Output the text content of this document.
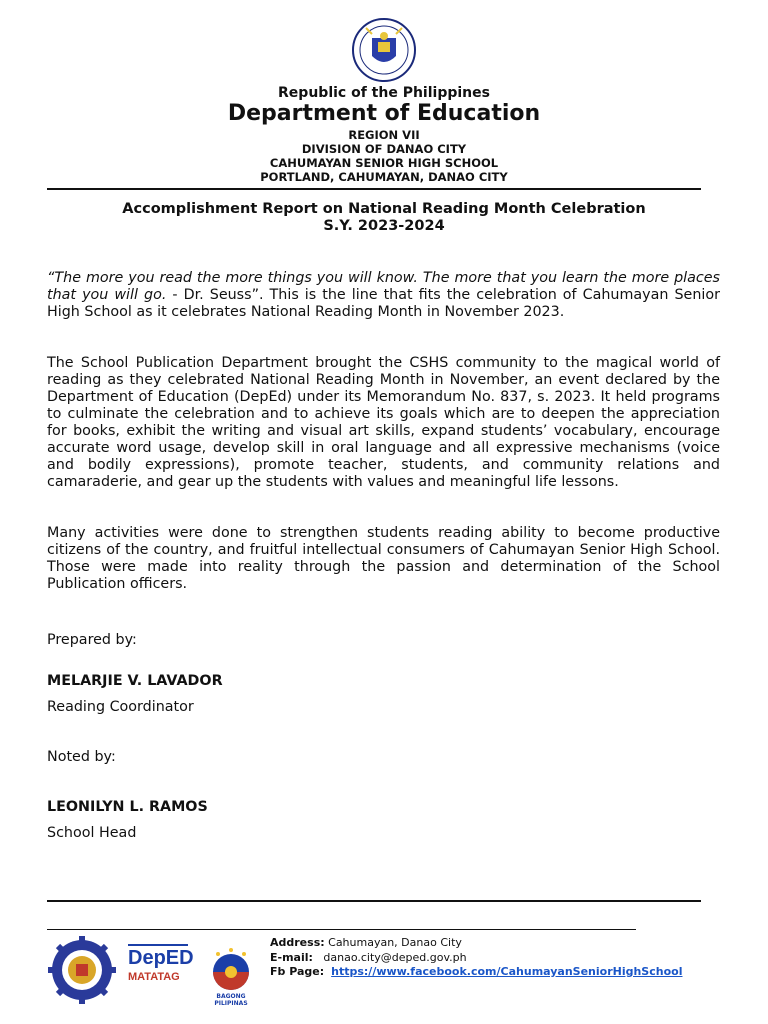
Republic of the Philippines
Department of Education
REGION VII
DIVISION OF DANAO CITY
CAHUMAYAN SENIOR HIGH SCHOOL
PORTLAND, CAHUMAYAN, DANAO CITY
Accomplishment Report on National Reading Month Celebration
S.Y. 2023-2024

“The more you read the more things you will know. The more that you learn the more places that you will go. - Dr. Seuss”. This is the line that fits the celebration of Cahumayan Senior High School as it celebrates National Reading Month in November 2023.

The School Publication Department brought the CSHS community to the magical world of reading as they celebrated National Reading Month in November, an event declared by the Department of Education (DepEd) under its Memorandum No. 837, s. 2023. It held programs to culminate the celebration and to achieve its goals which are to deepen the appreciation for books, exhibit the writing and visual art skills, expand students’ vocabulary, encourage accurate word usage, develop skill in oral language and all expressive mechanisms (voice and bodily expressions), promote teacher, students, and community relations and camaraderie, and gear up the students with values and meaningful life lessons.

Many activities were done to strengthen students reading ability to become productive citizens of the country, and fruitful intellectual consumers of Cahumayan Senior High School. Those were made into reality through the passion and determination of the School Publication officers.

Prepared by:
MELARJIE V. LAVADOR
Reading Coordinator
Noted by:
LEONILYN L. RAMOS
School Head
DepED
MATATAG
BAGONG PILIPINAS
Address: Cahumayan, Danao City
E-mail: danao.city@deped.gov.ph
Fb Page: https://www.facebook.com/CahumayanSeniorHighSchool
